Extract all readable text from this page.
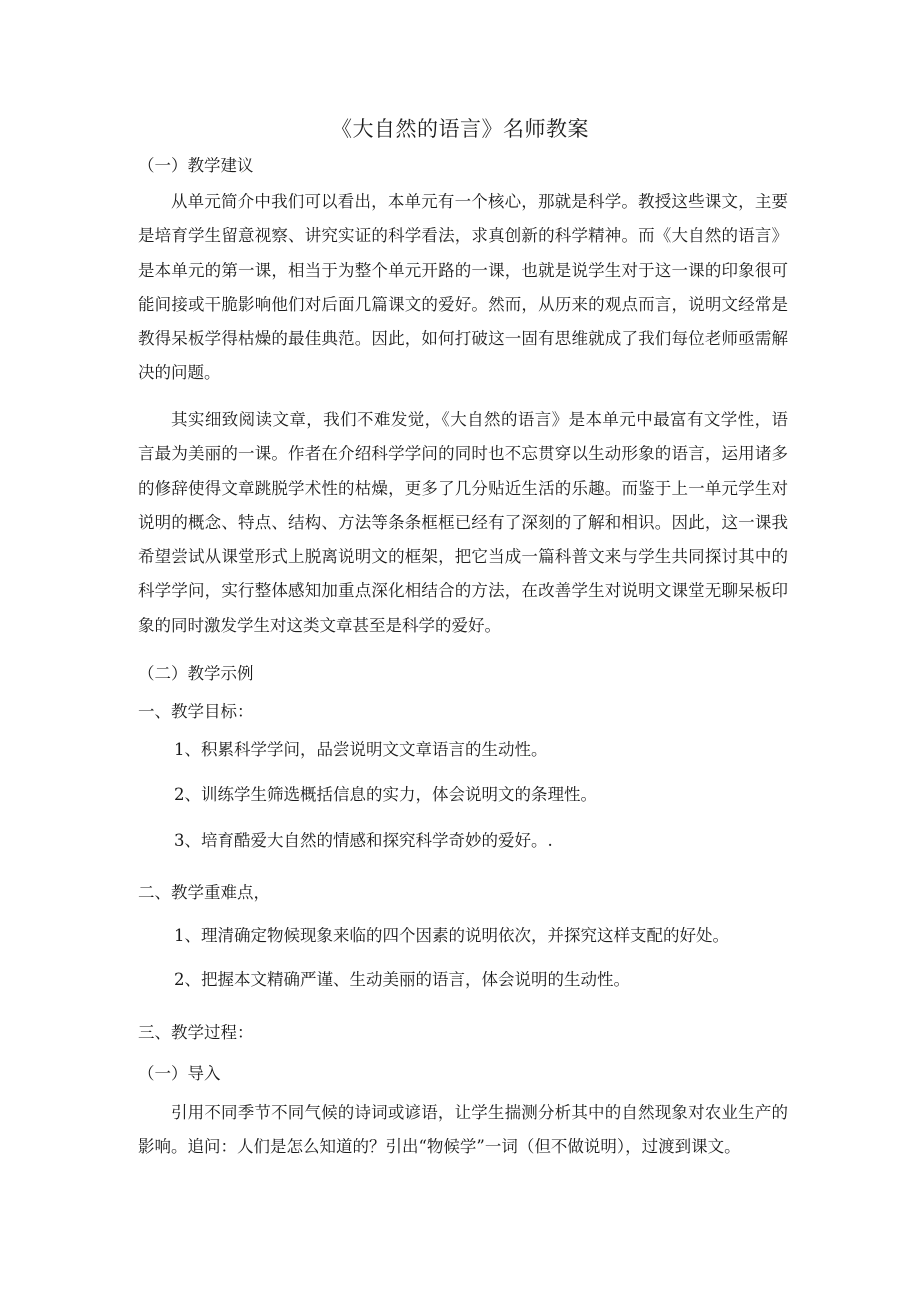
《大自然的语言》名师教案
（一）教学建议
从单元简介中我们可以看出，本单元有一个核心，那就是科学。教授这些课文，主要是培育学生留意视察、讲究实证的科学看法，求真创新的科学精神。而《大自然的语言》是本单元的第一课，相当于为整个单元开路的一课，也就是说学生对于这一课的印象很可能间接或干脆影响他们对后面几篇课文的爱好。然而，从历来的观点而言，说明文经常是教得呆板学得枯燥的最佳典范。因此，如何打破这一固有思维就成了我们每位老师亟需解决的问题。
其实细致阅读文章，我们不难发觉，《大自然的语言》是本单元中最富有文学性，语言最为美丽的一课。作者在介绍科学学问的同时也不忘贯穿以生动形象的语言，运用诸多的修辞使得文章跳脱学术性的枯燥，更多了几分贴近生活的乐趣。而鉴于上一单元学生对说明的概念、特点、结构、方法等条条框框已经有了深刻的了解和相识。因此，这一课我希望尝试从课堂形式上脱离说明文的框架，把它当成一篇科普文来与学生共同探讨其中的科学学问，实行整体感知加重点深化相结合的方法，在改善学生对说明文课堂无聊呆板印象的同时激发学生对这类文章甚至是科学的爱好。
（二）教学示例
一、教学目标：
1、积累科学学问，品尝说明文文章语言的生动性。
2、训练学生筛选概括信息的实力，体会说明文的条理性。
3、培育酷爱大自然的情感和探究科学奇妙的爱好。.
二、教学重难点，
1、理清确定物候现象来临的四个因素的说明依次，并探究这样支配的好处。
2、把握本文精确严谨、生动美丽的语言，体会说明的生动性。
三、教学过程：
（一）导入
引用不同季节不同气候的诗词或谚语，让学生揣测分析其中的自然现象对农业生产的影响。追问：人们是怎么知道的？引出“物候学”一词（但不做说明），过渡到课文。
